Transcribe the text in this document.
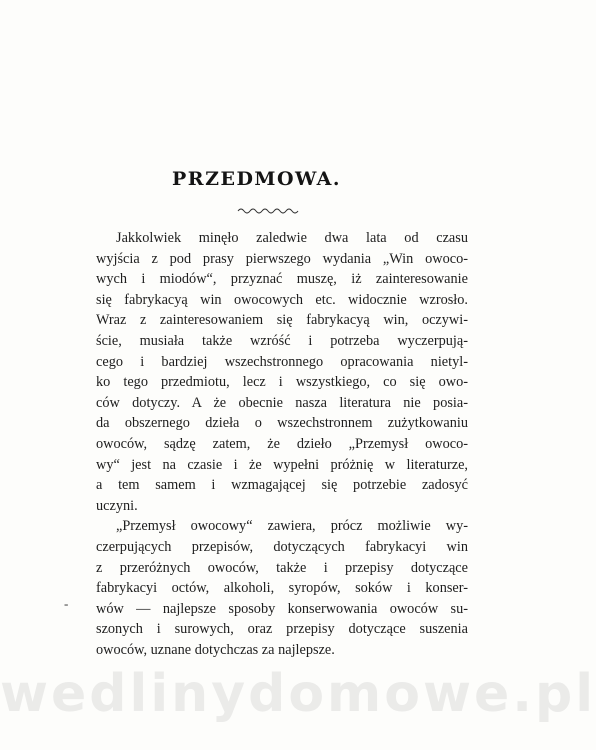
PRZEDMOWA.
Jakkolwiek minęło zaledwie dwa lata od czasu
wyjścia z pod prasy pierwszego wydania „Win owoco-
wych i miodów“, przyznać muszę, iż zainteresowanie
się fabrykacyą win owocowych etc. widocznie wzrosło.
Wraz z zainteresowaniem się fabrykacyą win, oczywi-
ście, musiała także wzróść i potrzeba wyczerpują-
cego i bardziej wszechstronnego opracowania nietyl-
ko tego przedmiotu, lecz i wszystkiego, co się owo-
ców dotyczy. A że obecnie nasza literatura nie posia-
da obszernego dzieła o wszechstronnem zużytkowaniu
owoców, sądzę zatem, że dzieło „Przemysł owoco-
wy“ jest na czasie i że wypełni próżnię w literaturze,
a tem samem i wzmagającej się potrzebie zadosyć
uczyni.
„Przemysł owocowy“ zawiera, prócz możliwie wy-
czerpujących przepisów, dotyczących fabrykacyi win
z przeróżnych owoców, także i przepisy dotyczące
fabrykacyi octów, alkoholi, syropów, soków i konser-
wów — najlepsze sposoby konserwowania owoców su-
szonych i surowych, oraz przepisy dotyczące suszenia
owoców, uznane dotychczas za najlepsze.
-
wedlinydomowe.pl
